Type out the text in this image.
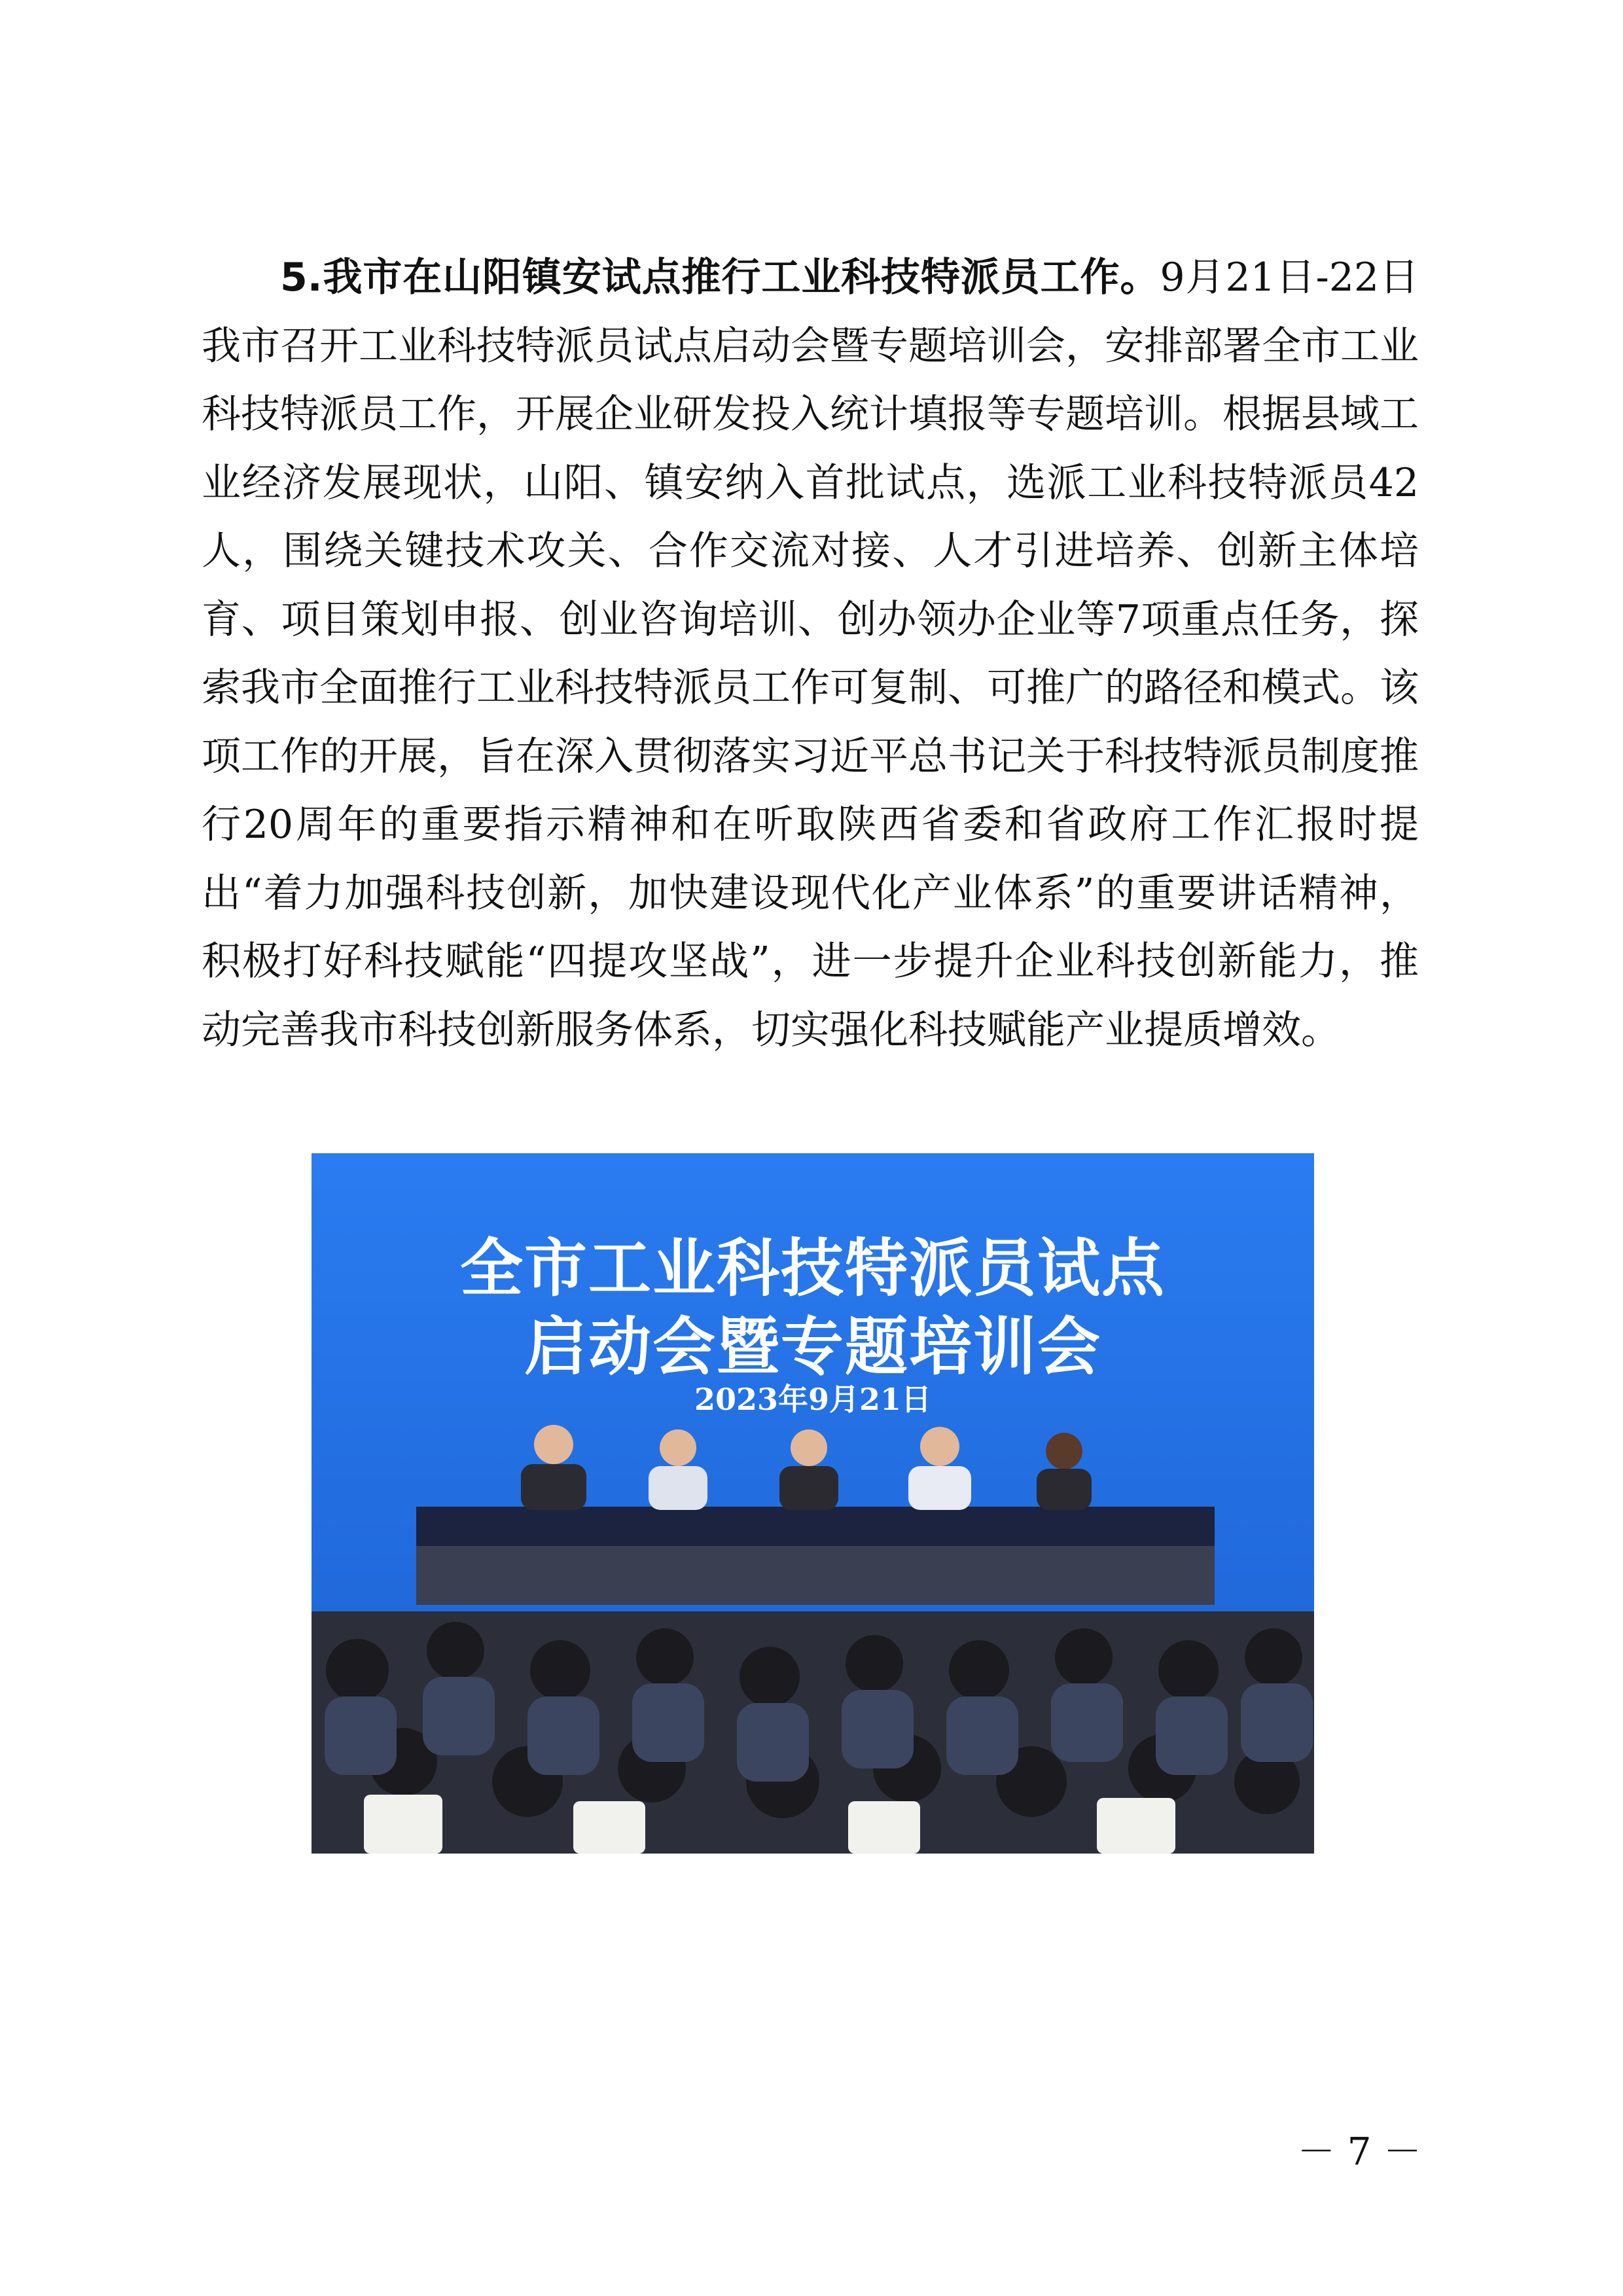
5.我市在山阳镇安试点推行工业科技特派员工作。9月21日-22日我市召开工业科技特派员试点启动会暨专题培训会，安排部署全市工业科技特派员工作，开展企业研发投入统计填报等专题培训。根据县域工业经济发展现状，山阳、镇安纳入首批试点，选派工业科技特派员42人，围绕关键技术攻关、合作交流对接、人才引进培养、创新主体培育、项目策划申报、创业咨询培训、创办领办企业等7项重点任务，探索我市全面推行工业科技特派员工作可复制、可推广的路径和模式。该项工作的开展，旨在深入贯彻落实习近平总书记关于科技特派员制度推行20周年的重要指示精神和在听取陕西省委和省政府工作汇报时提出“着力加强科技创新，加快建设现代化产业体系”的重要讲话精神，积极打好科技赋能“四提攻坚战”，进一步提升企业科技创新能力，推动完善我市科技创新服务体系，切实强化科技赋能产业提质增效。

全市工业科技特派员试点
启动会暨专题培训会
2023年9月21日
－ 7 －
